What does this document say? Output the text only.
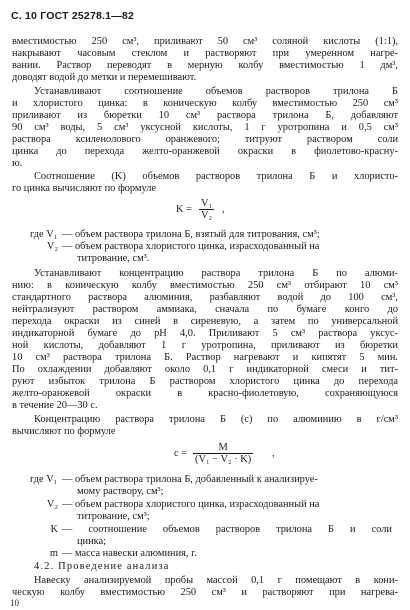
С. 10 ГОСТ 25278.1—82
вместимостью 250 см³, приливают 50 см³ соляной кислоты (1:1),
накрывают часовым стеклом и растворяют при умеренном нагре-
вании. Раствор переводят в мерную колбу вместимостью 1 дм³,
доводят водой до метки и перемешивают.
Устанавливают соотношение объемов растворов трилона Б
и хлористого цинка: в коническую колбу вместимостью 250 см³
приливают из бюретки 10 см³ раствора трилона Б, добавляют
90 см³ воды, 5 см³ уксусной кислоты, 1 г уротропина и 0,5 см³
раствора ксиленолового оранжевого; титруют раствором соли
цинка до перехода желто-оранжевой окраски в фиолетово-красну-
ю.
Соотношение (K) объемов растворов трилона Б и хлористо-
го цинка вычисляют по формуле
$K = \frac{\text{V₁}}{\text{V₂}}$ ,
где V₁ — объем раствора трилона Б, взятый для титрования, см³;
V₂ — объем раствора хлористого цинка, израсходованный на
титрование, см³.
Устанавливают концентрацию раствора трилона Б по алюми-
нию: в коническую колбу вместимостью 250 см³ отбирают 10 см³
стандартного раствора алюминия, разбавляют водой до 100 см³,
нейтрализуют раствором аммиака, сначала по бумаге конго до
перехода окраски из синей в сиреневую, а затем по универсальной
индикаторной бумаге до pH 4,0. Приливают 5 см³ раствора уксус-
ной кислоты, добавляют 1 г уротропина, приливают из бюретки
10 см³ раствора трилона Б. Раствор нагревают и кипятят 5 мин.
По охлаждении добавляют около 0,1 г индикаторной смеси и тит-
руют избыток трилона Б раствором хлористого цинка до перехода
желто-оранжевой окраски в красно-фиолетовую, сохраняющуюся
в течение 20—30 с.
Концентрацию раствора трилона Б (c) по алюминию в г/см³
вычисляют по формуле
$c = \frac{M}{\text{(V₁ − V₂ · K)}}$ ,
где V₁ — объем раствора трилона Б, добавленный к анализируе-
мому раствору, см³;
V₂ — объем раствора хлористого цинка, израсходованный на
титрование, см³;
K — соотношение объемов растворов трилона Б и соли
цинка;
m — масса навески алюминия, г.
4.2. Проведение анализа
Навеску анализируемой пробы массой 0,1 г помещают в кони-
ческую колбу вместимостью 250 см³ и растворяют при нагрева-
10
